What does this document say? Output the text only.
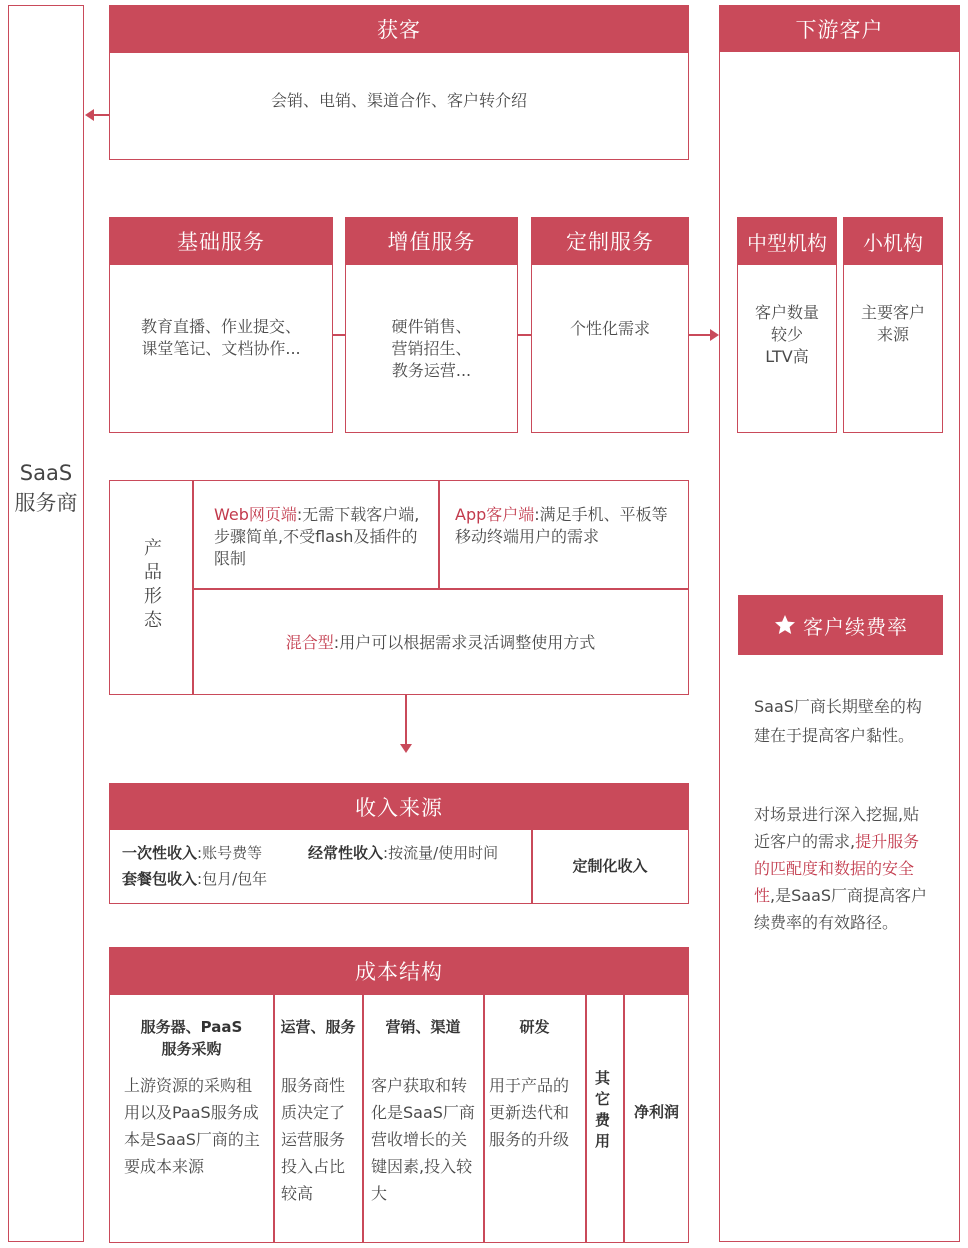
SaaS
服务商
获客
会销、电销、渠道合作、客户转介绍
基础服务
教育直播、作业提交、
课堂笔记、文档协作...
增值服务
硬件销售、
营销招生、
教务运营...
定制服务
个性化需求
产品形态
Web网页端:无需下载客户端,步骤简单,不受flash及插件的限制
App客户端:满足手机、平板等移动终端用户的需求
混合型:用户可以根据需求灵活调整使用方式
收入来源
一次性收入:账号费等	经常性收入:按流量/使用时间
套餐包收入:包月/包年
定制化收入
成本结构
服务器、PaaS
服务采购
上游资源的采购租用以及PaaS服务成本是SaaS厂商的主要成本来源
运营、服务
服务商性质决定了运营服务投入占比较高
营销、渠道
客户获取和转化是SaaS厂商营收增长的关键因素,投入较大
研发
用于产品的更新迭代和服务的升级
其它费用
净利润
下游客户
中型机构
客户数量
较少
LTV高
小机构
主要客户
来源
客户续费率
SaaS厂商长期壁垒的构建在于提高客户黏性。
对场景进行深入挖掘,贴近客户的需求,提升服务的匹配度和数据的安全性,是SaaS厂商提高客户续费率的有效路径。
